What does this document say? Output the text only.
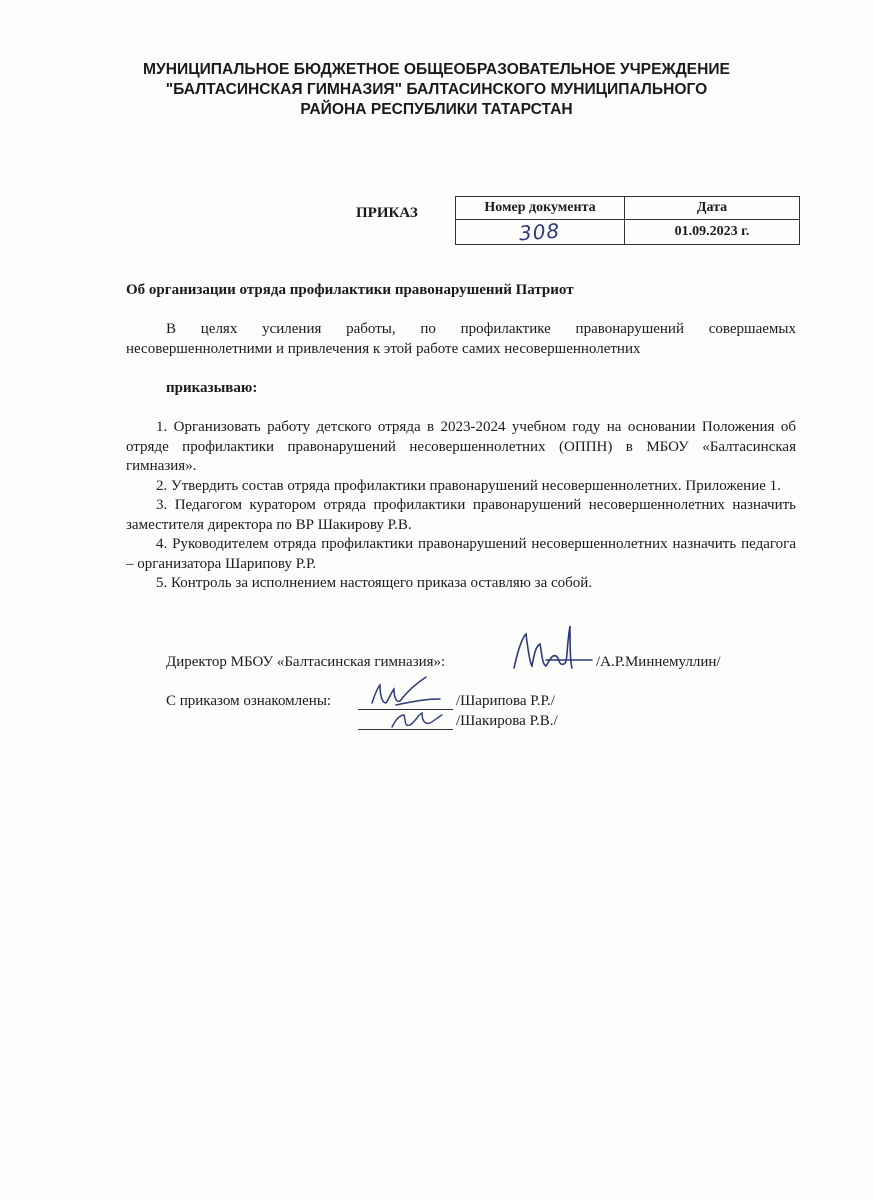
МУНИЦИПАЛЬНОЕ БЮДЖЕТНОЕ ОБЩЕОБРАЗОВАТЕЛЬНОЕ УЧРЕЖДЕНИЕ
"БАЛТАСИНСКАЯ ГИМНАЗИЯ" БАЛТАСИНСКОГО МУНИЦИПАЛЬНОГО
РАЙОНА РЕСПУБЛИКИ ТАТАРСТАН
ПРИКАЗ	Номер документа	Дата
308	01.09.2023 г.
Об организации отряда профилактики правонарушений Патриот
В целях усиления работы, по профилактике правонарушений совершаемых несовершеннолетними и привлечения к этой работе самих несовершеннолетних
приказываю:
1. Организовать работу детского отряда в 2023-2024 учебном году на основании Положения об отряде профилактики правонарушений несовершеннолетних (ОППН) в МБОУ «Балтасинская гимназия».
2. Утвердить состав отряда профилактики правонарушений несовершеннолетних. Приложение 1.
3. Педагогом куратором отряда профилактики правонарушений несовершеннолетних назначить заместителя директора по ВР Шакирову Р.В.
4. Руководителем отряда профилактики правонарушений несовершеннолетних назначить педагога – организатора Шарипову Р.Р.
5. Контроль за исполнением настоящего приказа оставляю за собой.
Директор МБОУ «Балтасинская гимназия»:	/А.Р.Миннемуллин/
С приказом ознакомлены:	/Шарипова Р.Р./
/Шакирова Р.В./
